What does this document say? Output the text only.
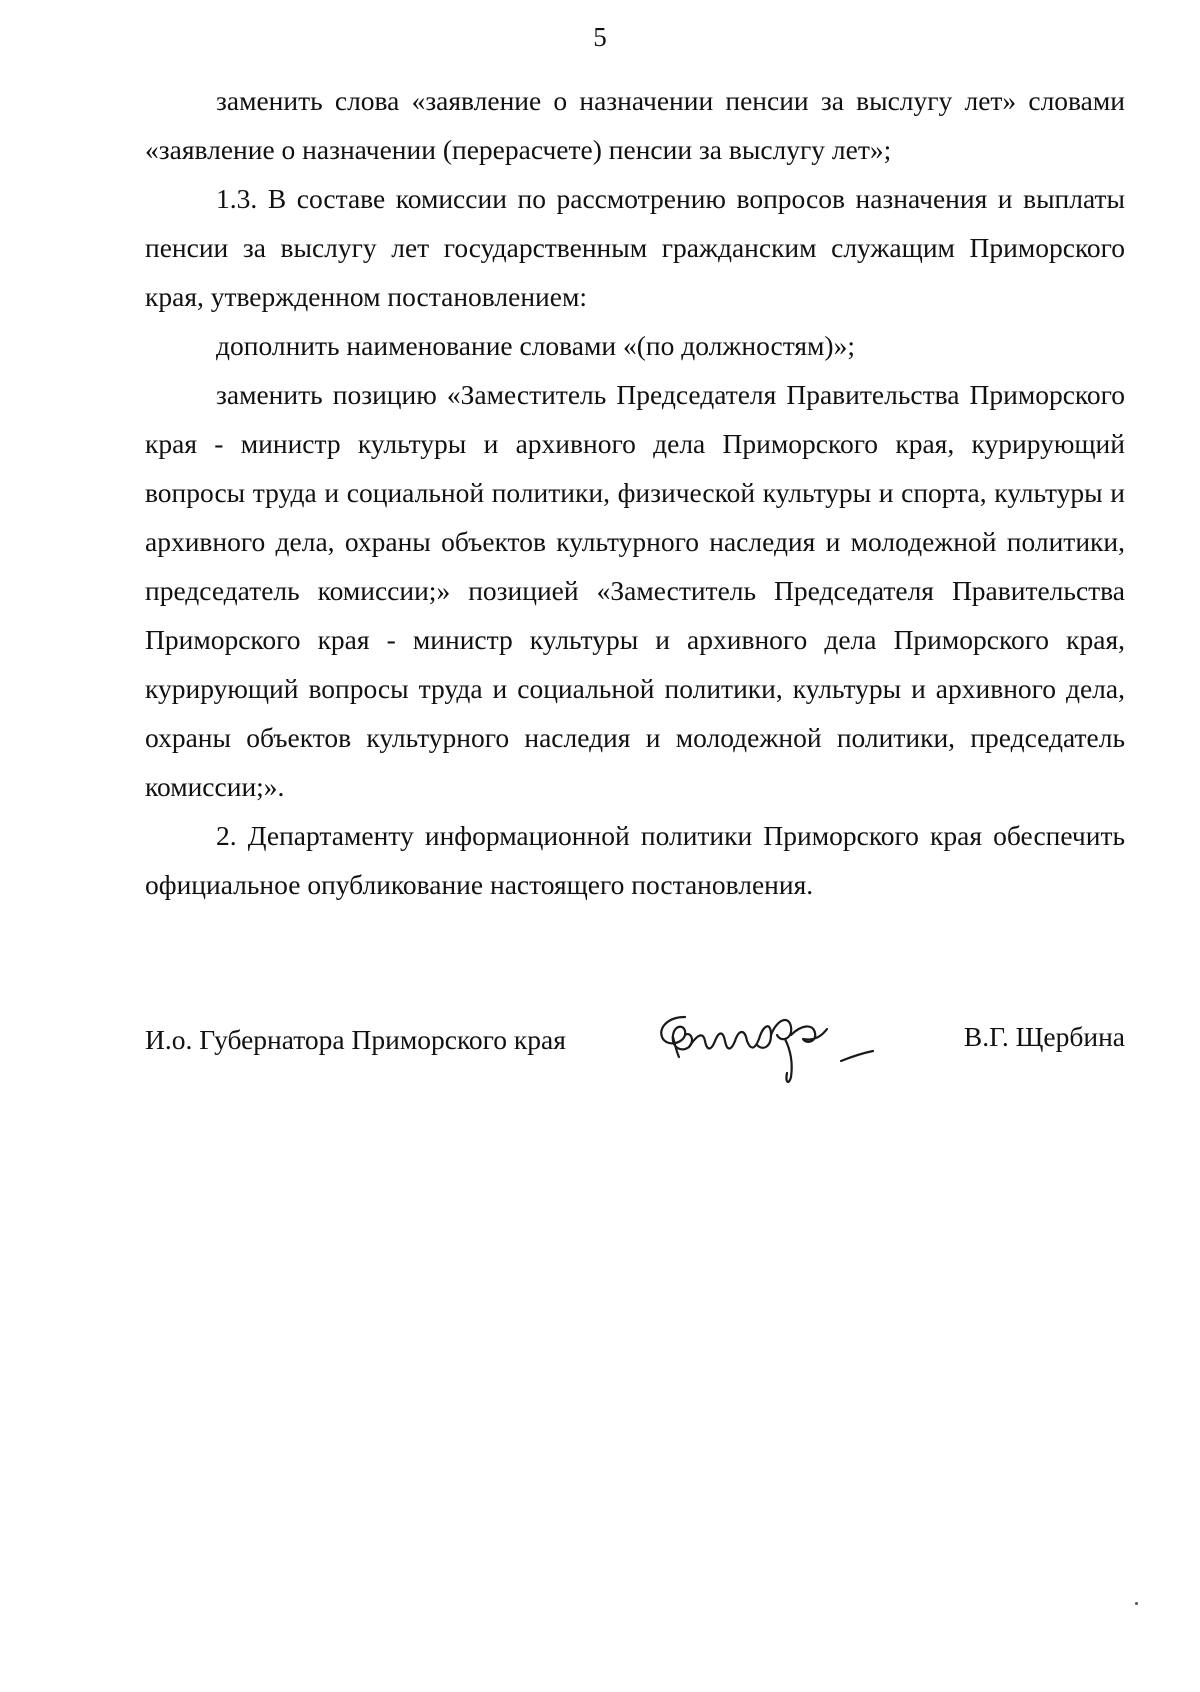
5

заменить слова «заявление о назначении пенсии за выслугу лет» словами «заявление о назначении (перерасчете) пенсии за выслугу лет»;

1.3. В составе комиссии по рассмотрению вопросов назначения и выплаты пенсии за выслугу лет государственным гражданским служащим Приморского края, утвержденном постановлением:

дополнить наименование словами «(по должностям)»;

заменить позицию «Заместитель Председателя Правительства Приморского края - министр культуры и архивного дела Приморского края, курирующий вопросы труда и социальной политики, физической культуры и спорта, культуры и архивного дела, охраны объектов культурного наследия и молодежной политики, председатель комиссии;» позицией «Заместитель Председателя Правительства Приморского края - министр культуры и архивного дела Приморского края, курирующий вопросы труда и социальной политики, культуры и архивного дела, охраны объектов культурного наследия и молодежной политики, председатель комиссии;».

2. Департаменту информационной политики Приморского края обеспечить официальное опубликование настоящего постановления.

И.о. Губернатора Приморского края	В.Г. Щербина
